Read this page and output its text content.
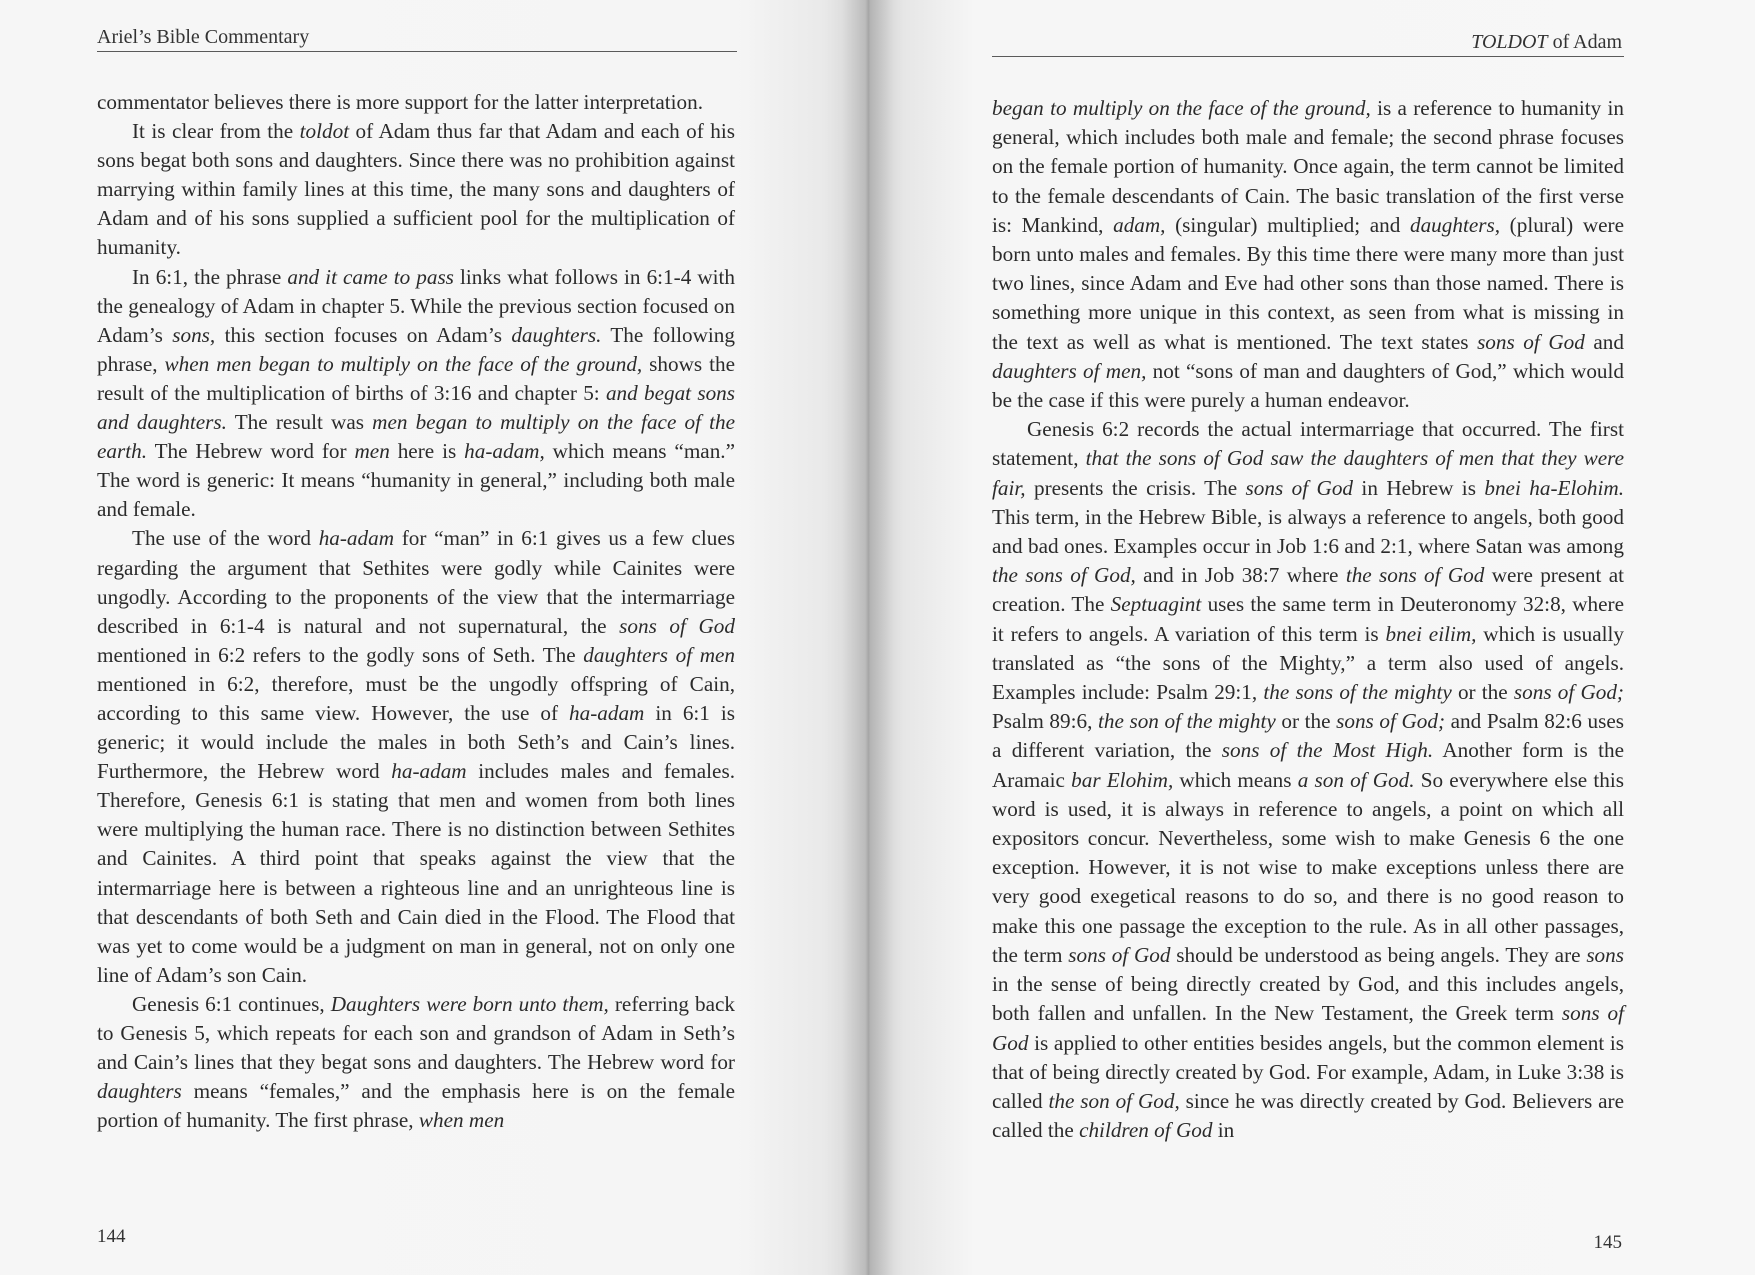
Ariel’s Bible Commentary

commentator believes there is more support for the latter interpretation.

It is clear from the toldot of Adam thus far that Adam and each of his sons begat both sons and daughters. Since there was no prohibition against marrying within family lines at this time, the many sons and daughters of Adam and of his sons supplied a sufficient pool for the multiplication of humanity.

In 6:1, the phrase and it came to pass links what follows in 6:1-4 with the genealogy of Adam in chapter 5. While the previous section focused on Adam’s sons, this section focuses on Adam’s daughters. The following phrase, when men began to multiply on the face of the ground, shows the result of the multiplication of births of 3:16 and chapter 5: and begat sons and daughters. The result was men began to multiply on the face of the earth. The Hebrew word for men here is ha-adam, which means “man.” The word is generic: It means “humanity in general,” including both male and female.

The use of the word ha-adam for “man” in 6:1 gives us a few clues regarding the argument that Sethites were godly while Cainites were ungodly. According to the proponents of the view that the intermarriage described in 6:1-4 is natural and not supernatural, the sons of God mentioned in 6:2 refers to the godly sons of Seth. The daughters of men mentioned in 6:2, therefore, must be the ungodly offspring of Cain, according to this same view. However, the use of ha-adam in 6:1 is generic; it would include the males in both Seth’s and Cain’s lines. Furthermore, the Hebrew word ha-adam includes males and females. Therefore, Genesis 6:1 is stating that men and women from both lines were multiplying the human race. There is no distinction between Sethites and Cainites. A third point that speaks against the view that the intermarriage here is between a righteous line and an unrighteous line is that descendants of both Seth and Cain died in the Flood. The Flood that was yet to come would be a judgment on man in general, not on only one line of Adam’s son Cain.

Genesis 6:1 continues, Daughters were born unto them, referring back to Genesis 5, which repeats for each son and grandson of Adam in Seth’s and Cain’s lines that they begat sons and daughters. The Hebrew word for daughters means “females,” and the emphasis here is on the female portion of humanity. The first phrase, when men

144
TOLDOT of Adam

began to multiply on the face of the ground, is a reference to humanity in general, which includes both male and female; the second phrase focuses on the female portion of humanity. Once again, the term cannot be limited to the female descendants of Cain. The basic translation of the first verse is: Mankind, adam, (singular) multiplied; and daughters, (plural) were born unto males and females. By this time there were many more than just two lines, since Adam and Eve had other sons than those named. There is something more unique in this context, as seen from what is missing in the text as well as what is mentioned. The text states sons of God and daughters of men, not “sons of man and daughters of God,” which would be the case if this were purely a human endeavor.

Genesis 6:2 records the actual intermarriage that occurred. The first statement, that the sons of God saw the daughters of men that they were fair, presents the crisis. The sons of God in Hebrew is bnei ha-Elohim. This term, in the Hebrew Bible, is always a reference to angels, both good and bad ones. Examples occur in Job 1:6 and 2:1, where Satan was among the sons of God, and in Job 38:7 where the sons of God were present at creation. The Septuagint uses the same term in Deuteronomy 32:8, where it refers to angels. A variation of this term is bnei eilim, which is usually translated as “the sons of the Mighty,” a term also used of angels. Examples include: Psalm 29:1, the sons of the mighty or the sons of God; Psalm 89:6, the son of the mighty or the sons of God; and Psalm 82:6 uses a different variation, the sons of the Most High. Another form is the Aramaic bar Elohim, which means a son of God. So everywhere else this word is used, it is always in reference to angels, a point on which all expositors concur. Nevertheless, some wish to make Genesis 6 the one exception. However, it is not wise to make exceptions unless there are very good exegetical reasons to do so, and there is no good reason to make this one passage the exception to the rule. As in all other passages, the term sons of God should be understood as being angels. They are sons in the sense of being directly created by God, and this includes angels, both fallen and unfallen. In the New Testament, the Greek term sons of God is applied to other entities besides angels, but the common element is that of being directly created by God. For example, Adam, in Luke 3:38 is called the son of God, since he was directly created by God. Believers are called the children of God in

145
